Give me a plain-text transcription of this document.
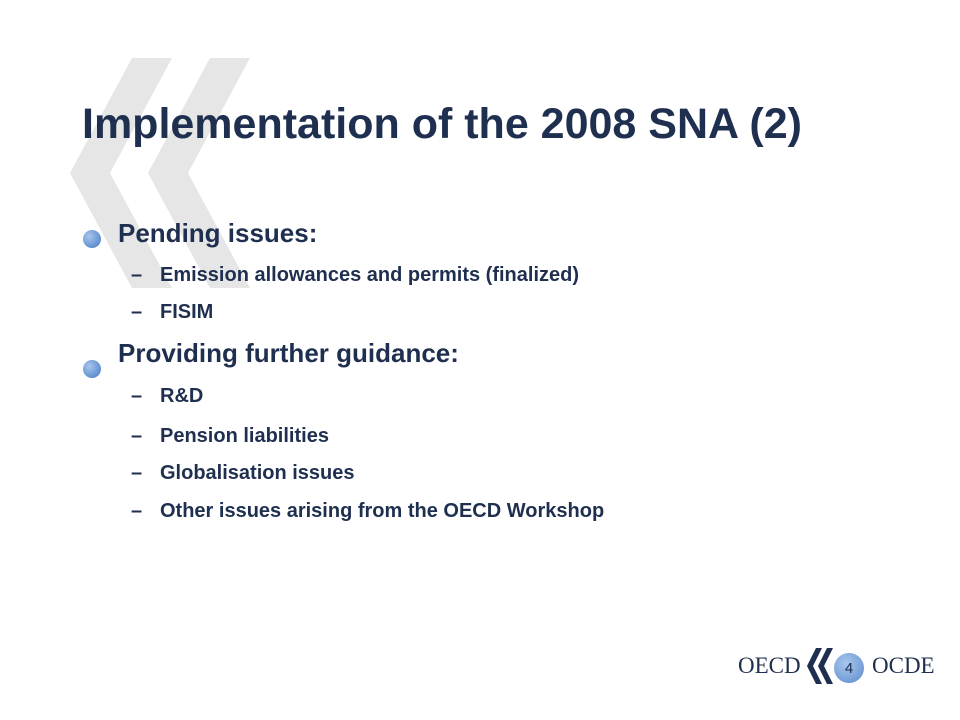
Implementation of the 2008 SNA (2)
Pending issues:
– Emission allowances and permits (finalized)
– FISIM
Providing further guidance:
– R&D
– Pension liabilities
– Globalisation issues
– Other issues arising from the OECD Workshop
OECD	4 OCDE
